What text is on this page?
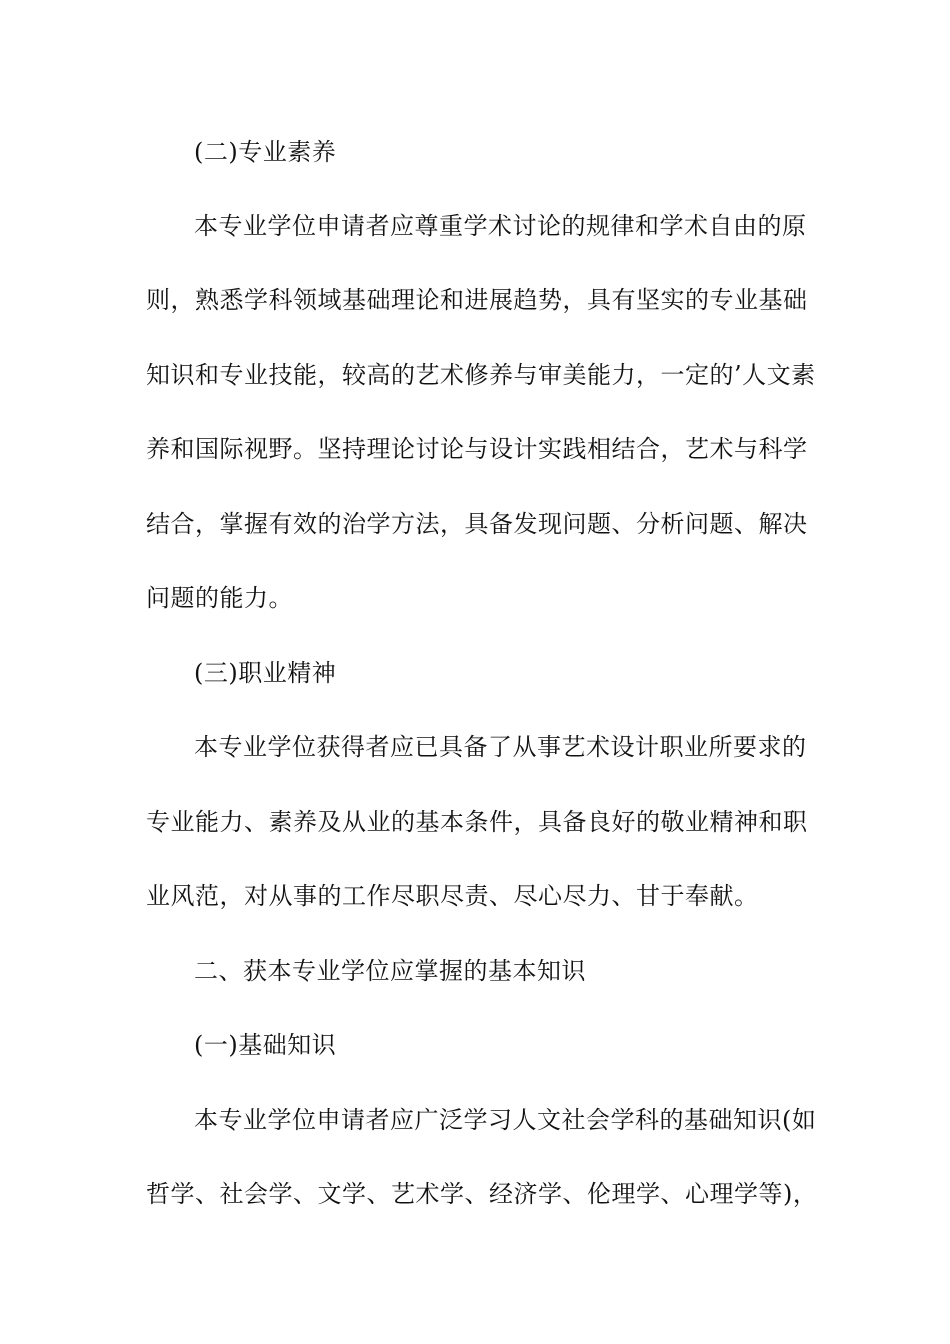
(二)专业素养
本专业学位申请者应尊重学术讨论的规律和学术自由的原
则，熟悉学科领域基础理论和进展趋势，具有坚实的专业基础
知识和专业技能，较高的艺术修养与审美能力，一定的’人文素
养和国际视野。坚持理论讨论与设计实践相结合，艺术与科学
结合，掌握有效的治学方法，具备发现问题、分析问题、解决
问题的能力。
(三)职业精神
本专业学位获得者应已具备了从事艺术设计职业所要求的
专业能力、素养及从业的基本条件，具备良好的敬业精神和职
业风范，对从事的工作尽职尽责、尽心尽力、甘于奉献。
二、获本专业学位应掌握的基本知识
(一)基础知识
本专业学位申请者应广泛学习人文社会学科的基础知识(如
哲学、社会学、文学、艺术学、经济学、伦理学、心理学等)，
